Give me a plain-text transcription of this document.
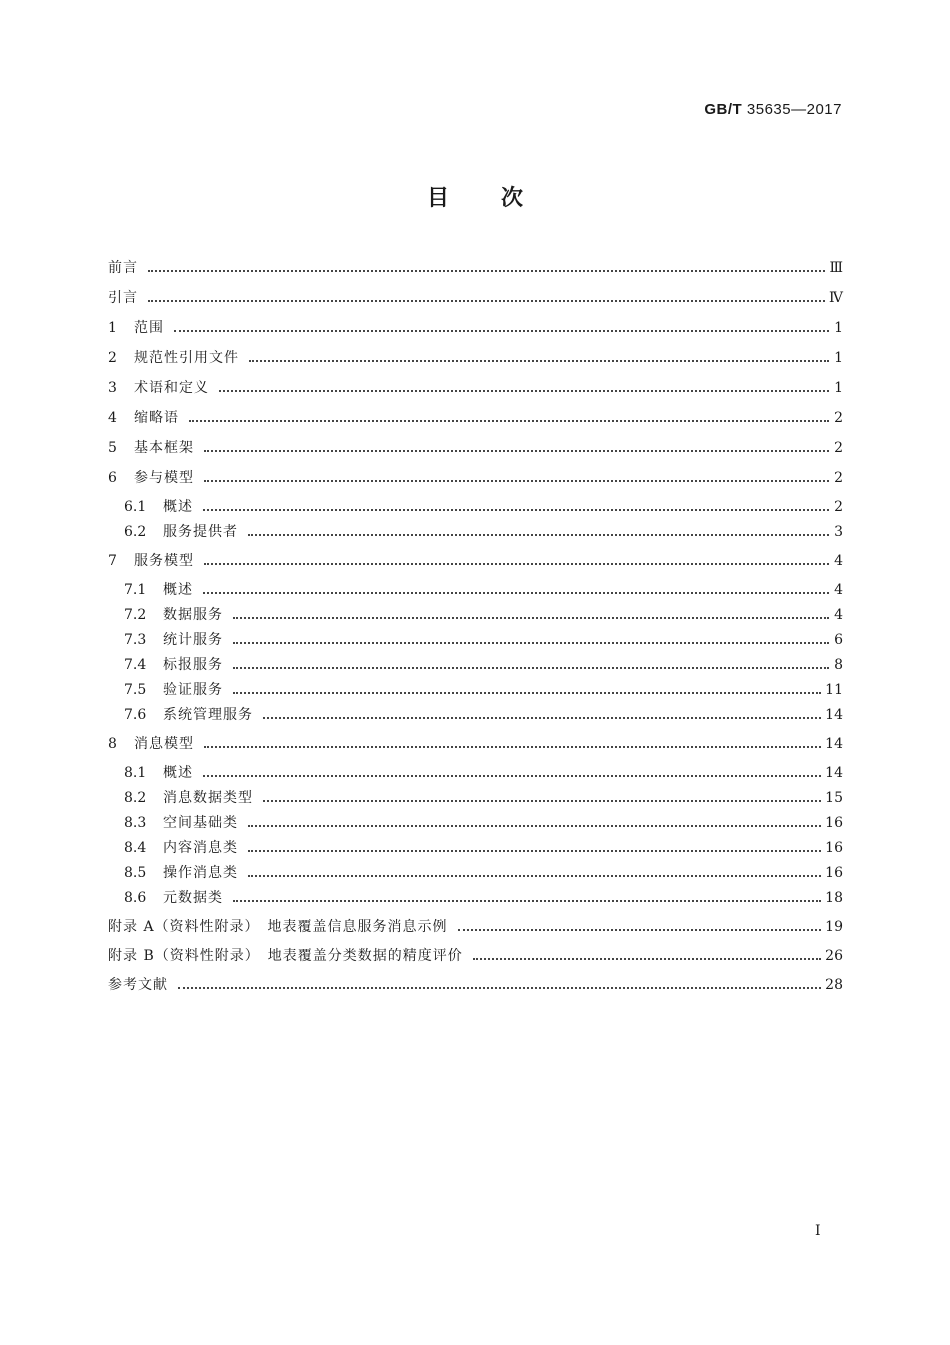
GB/T 35635—2017
目次
前言	Ⅲ
引言	Ⅳ
1	范围	1
2	规范性引用文件	1
3	术语和定义	1
4	缩略语	2
5	基本框架	2
6	参与模型	2
6.1	概述	2
6.2	服务提供者	3
7	服务模型	4
7.1	概述	4
7.2	数据服务	4
7.3	统计服务	6
7.4	标报服务	8
7.5	验证服务	11
7.6	系统管理服务	14
8	消息模型	14
8.1	概述	14
8.2	消息数据类型	15
8.3	空间基础类	16
8.4	内容消息类	16
8.5	操作消息类	16
8.6	元数据类	18
附录 A（资料性附录）　地表覆盖信息服务消息示例	19
附录 B（资料性附录）　地表覆盖分类数据的精度评价	26
参考文献	28
I
